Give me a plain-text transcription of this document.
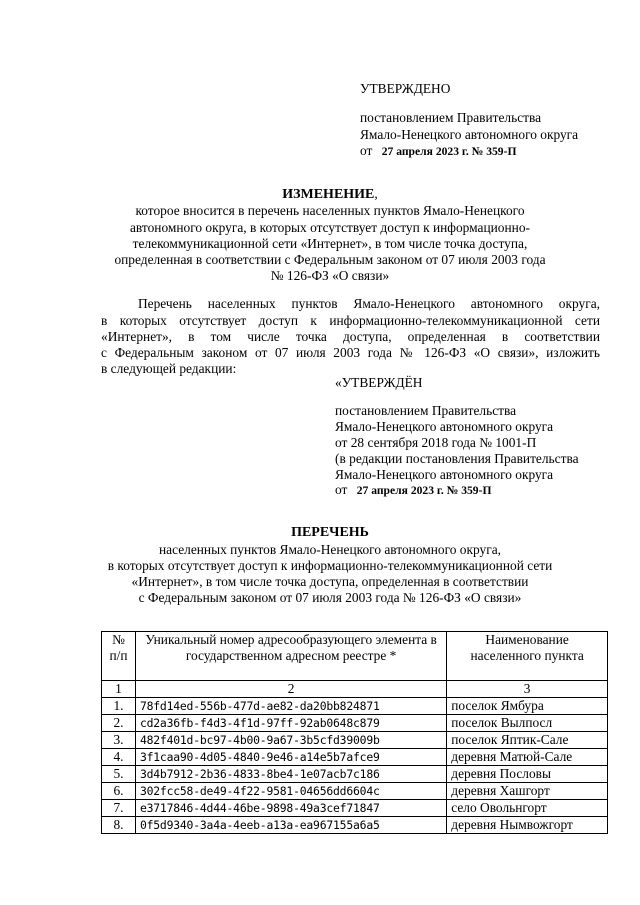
УТВЕРЖДЕНО
постановлением Правительства
Ямало-Ненецкого автономного округа
от 27 апреля 2023 г. № 359-П
ИЗМЕНЕНИЕ,
которое вносится в перечень населенных пунктов Ямало-Ненецкого
автономного округа, в которых отсутствует доступ к информационно-
телекоммуникационной сети «Интернет», в том числе точка доступа,
определенная в соответствии с Федеральным законом от 07 июля 2003 года
№ 126-ФЗ «О связи»
Перечень населенных пунктов Ямало-Ненецкого автономного округа,
в которых отсутствует доступ к информационно-телекоммуникационной сети
«Интернет», в том числе точка доступа, определенная в соответствии
с Федеральным законом от 07 июля 2003 года № 126-ФЗ «О связи», изложить
в следующей редакции:
«УТВЕРЖДЁН
постановлением Правительства
Ямало-Ненецкого автономного округа
от 28 сентября 2018 года № 1001-П
(в редакции постановления Правительства
Ямало-Ненецкого автономного округа
от 27 апреля 2023 г. № 359-П
ПЕРЕЧЕНЬ
населенных пунктов Ямало-Ненецкого автономного округа,
в которых отсутствует доступ к информационно-телекоммуникационной сети
«Интернет», в том числе точка доступа, определенная в соответствии
с Федеральным законом от 07 июля 2003 года № 126-ФЗ «О связи»
№ п/п	Уникальный номер адресообразующего элемента в государственном адресном реестре *	Наименование населенного пункта
1	2	3
1.	78fd14ed-556b-477d-ae82-da20bb824871	поселок Ямбура
2.	cd2a36fb-f4d3-4f1d-97ff-92ab0648c879	поселок Вылпосл
3.	482f401d-bc97-4b00-9a67-3b5cfd39009b	поселок Яптик-Сале
4.	3f1caa90-4d05-4840-9e46-a14e5b7afce9	деревня Матюй-Сале
5.	3d4b7912-2b36-4833-8be4-1e07acb7c186	деревня Пословы
6.	302fcc58-de49-4f22-9581-04656dd6604c	деревня Хашгорт
7.	e3717846-4d44-46be-9898-49a3cef71847	село Овольнгорт
8.	0f5d9340-3a4a-4eeb-a13a-ea967155a6a5	деревня Нымвожгорт
